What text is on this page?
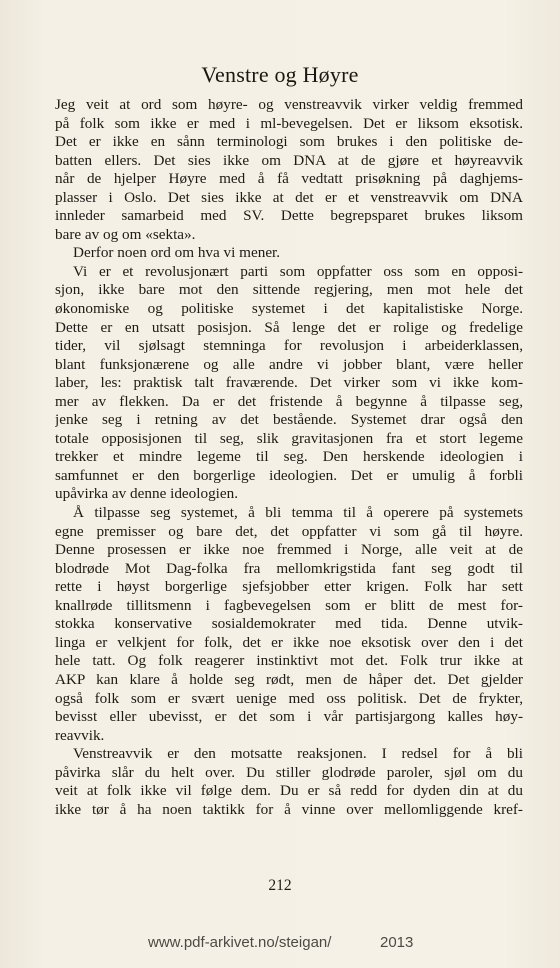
Venstre og Høyre
Jeg veit at ord som høyre- og venstreavvik virker veldig fremmed
på folk som ikke er med i ml-bevegelsen. Det er liksom eksotisk.
Det er ikke en sånn terminologi som brukes i den politiske de-
batten ellers. Det sies ikke om DNA at de gjøre et høyreavvik
når de hjelper Høyre med å få vedtatt prisøkning på daghjems-
plasser i Oslo. Det sies ikke at det er et venstreavvik om DNA
innleder samarbeid med SV. Dette begrepsparet brukes liksom
bare av og om «sekta».
Derfor noen ord om hva vi mener.
Vi er et revolusjonært parti som oppfatter oss som en opposi-
sjon, ikke bare mot den sittende regjering, men mot hele det
økonomiske og politiske systemet i det kapitalistiske Norge.
Dette er en utsatt posisjon. Så lenge det er rolige og fredelige
tider, vil sjølsagt stemninga for revolusjon i arbeiderklassen,
blant funksjonærene og alle andre vi jobber blant, være heller
laber, les: praktisk talt fraværende. Det virker som vi ikke kom-
mer av flekken. Da er det fristende å begynne å tilpasse seg,
jenke seg i retning av det bestående. Systemet drar også den
totale opposisjonen til seg, slik gravitasjonen fra et stort legeme
trekker et mindre legeme til seg. Den herskende ideologien i
samfunnet er den borgerlige ideologien. Det er umulig å forbli
upåvirka av denne ideologien.
Å tilpasse seg systemet, å bli temma til å operere på systemets
egne premisser og bare det, det oppfatter vi som gå til høyre.
Denne prosessen er ikke noe fremmed i Norge, alle veit at de
blodrøde Mot Dag-folka fra mellomkrigstida fant seg godt til
rette i høyst borgerlige sjefsjobber etter krigen. Folk har sett
knallrøde tillitsmenn i fagbevegelsen som er blitt de mest for-
stokka konservative sosialdemokrater med tida. Denne utvik-
linga er velkjent for folk, det er ikke noe eksotisk over den i det
hele tatt. Og folk reagerer instinktivt mot det. Folk trur ikke at
AKP kan klare å holde seg rødt, men de håper det. Det gjelder
også folk som er svært uenige med oss politisk. Det de frykter,
bevisst eller ubevisst, er det som i vår partisjargong kalles høy-
reavvik.
Venstreavvik er den motsatte reaksjonen. I redsel for å bli
påvirka slår du helt over. Du stiller glodrøde paroler, sjøl om du
veit at folk ikke vil følge dem. Du er så redd for dyden din at du
ikke tør å ha noen taktikk for å vinne over mellomliggende kref-
212
www.pdf-arkivet.no/steigan/	2013
